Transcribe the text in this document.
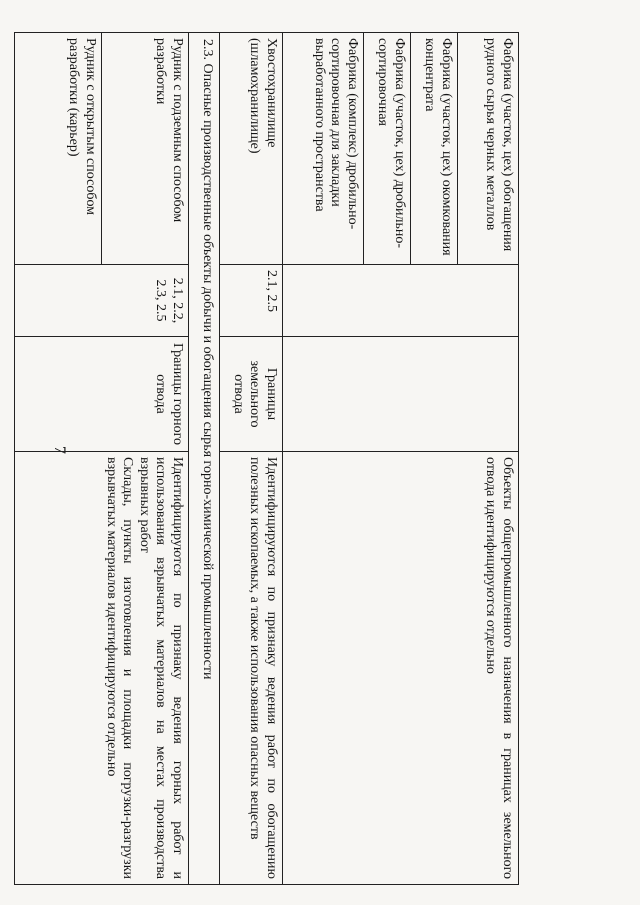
7
Фабрика (участок, цех) обогащения рудного сырья черных металлов			Объекты общепромышленного назначения в границах земельного отвода идентифицируются отдельно
Фабрика (участок, цех) окомкования концентрата			
Фабрика (участок, цех) дробильно-сортировочная			
Фабрика (комплекс) дробильно-сортировочная для закладки выработанного пространства			
Хвостохранилище (шламохранилище)	2.1, 2.5	Границы земельного отвода	Идентифицируются по признаку ведения работ по обогащению полезных ископаемых, а также использования опасных веществ
2.3. Опасные производственные объекты добычи и обогащения сырья горно-химической промышленности			
Рудник с подземным способом разработки	2.1, 2.2, 2.3, 2.5	Границы горного отвода	Идентифицируются по признаку ведения горных работ и использования взрывчатых материалов на местах производства взрывных работ
Склады, пункты изготовления и площадки погрузки-разгрузки взрывчатых материалов идентифицируются отдельно

Рудник с открытым способом разработки (карьер)			
